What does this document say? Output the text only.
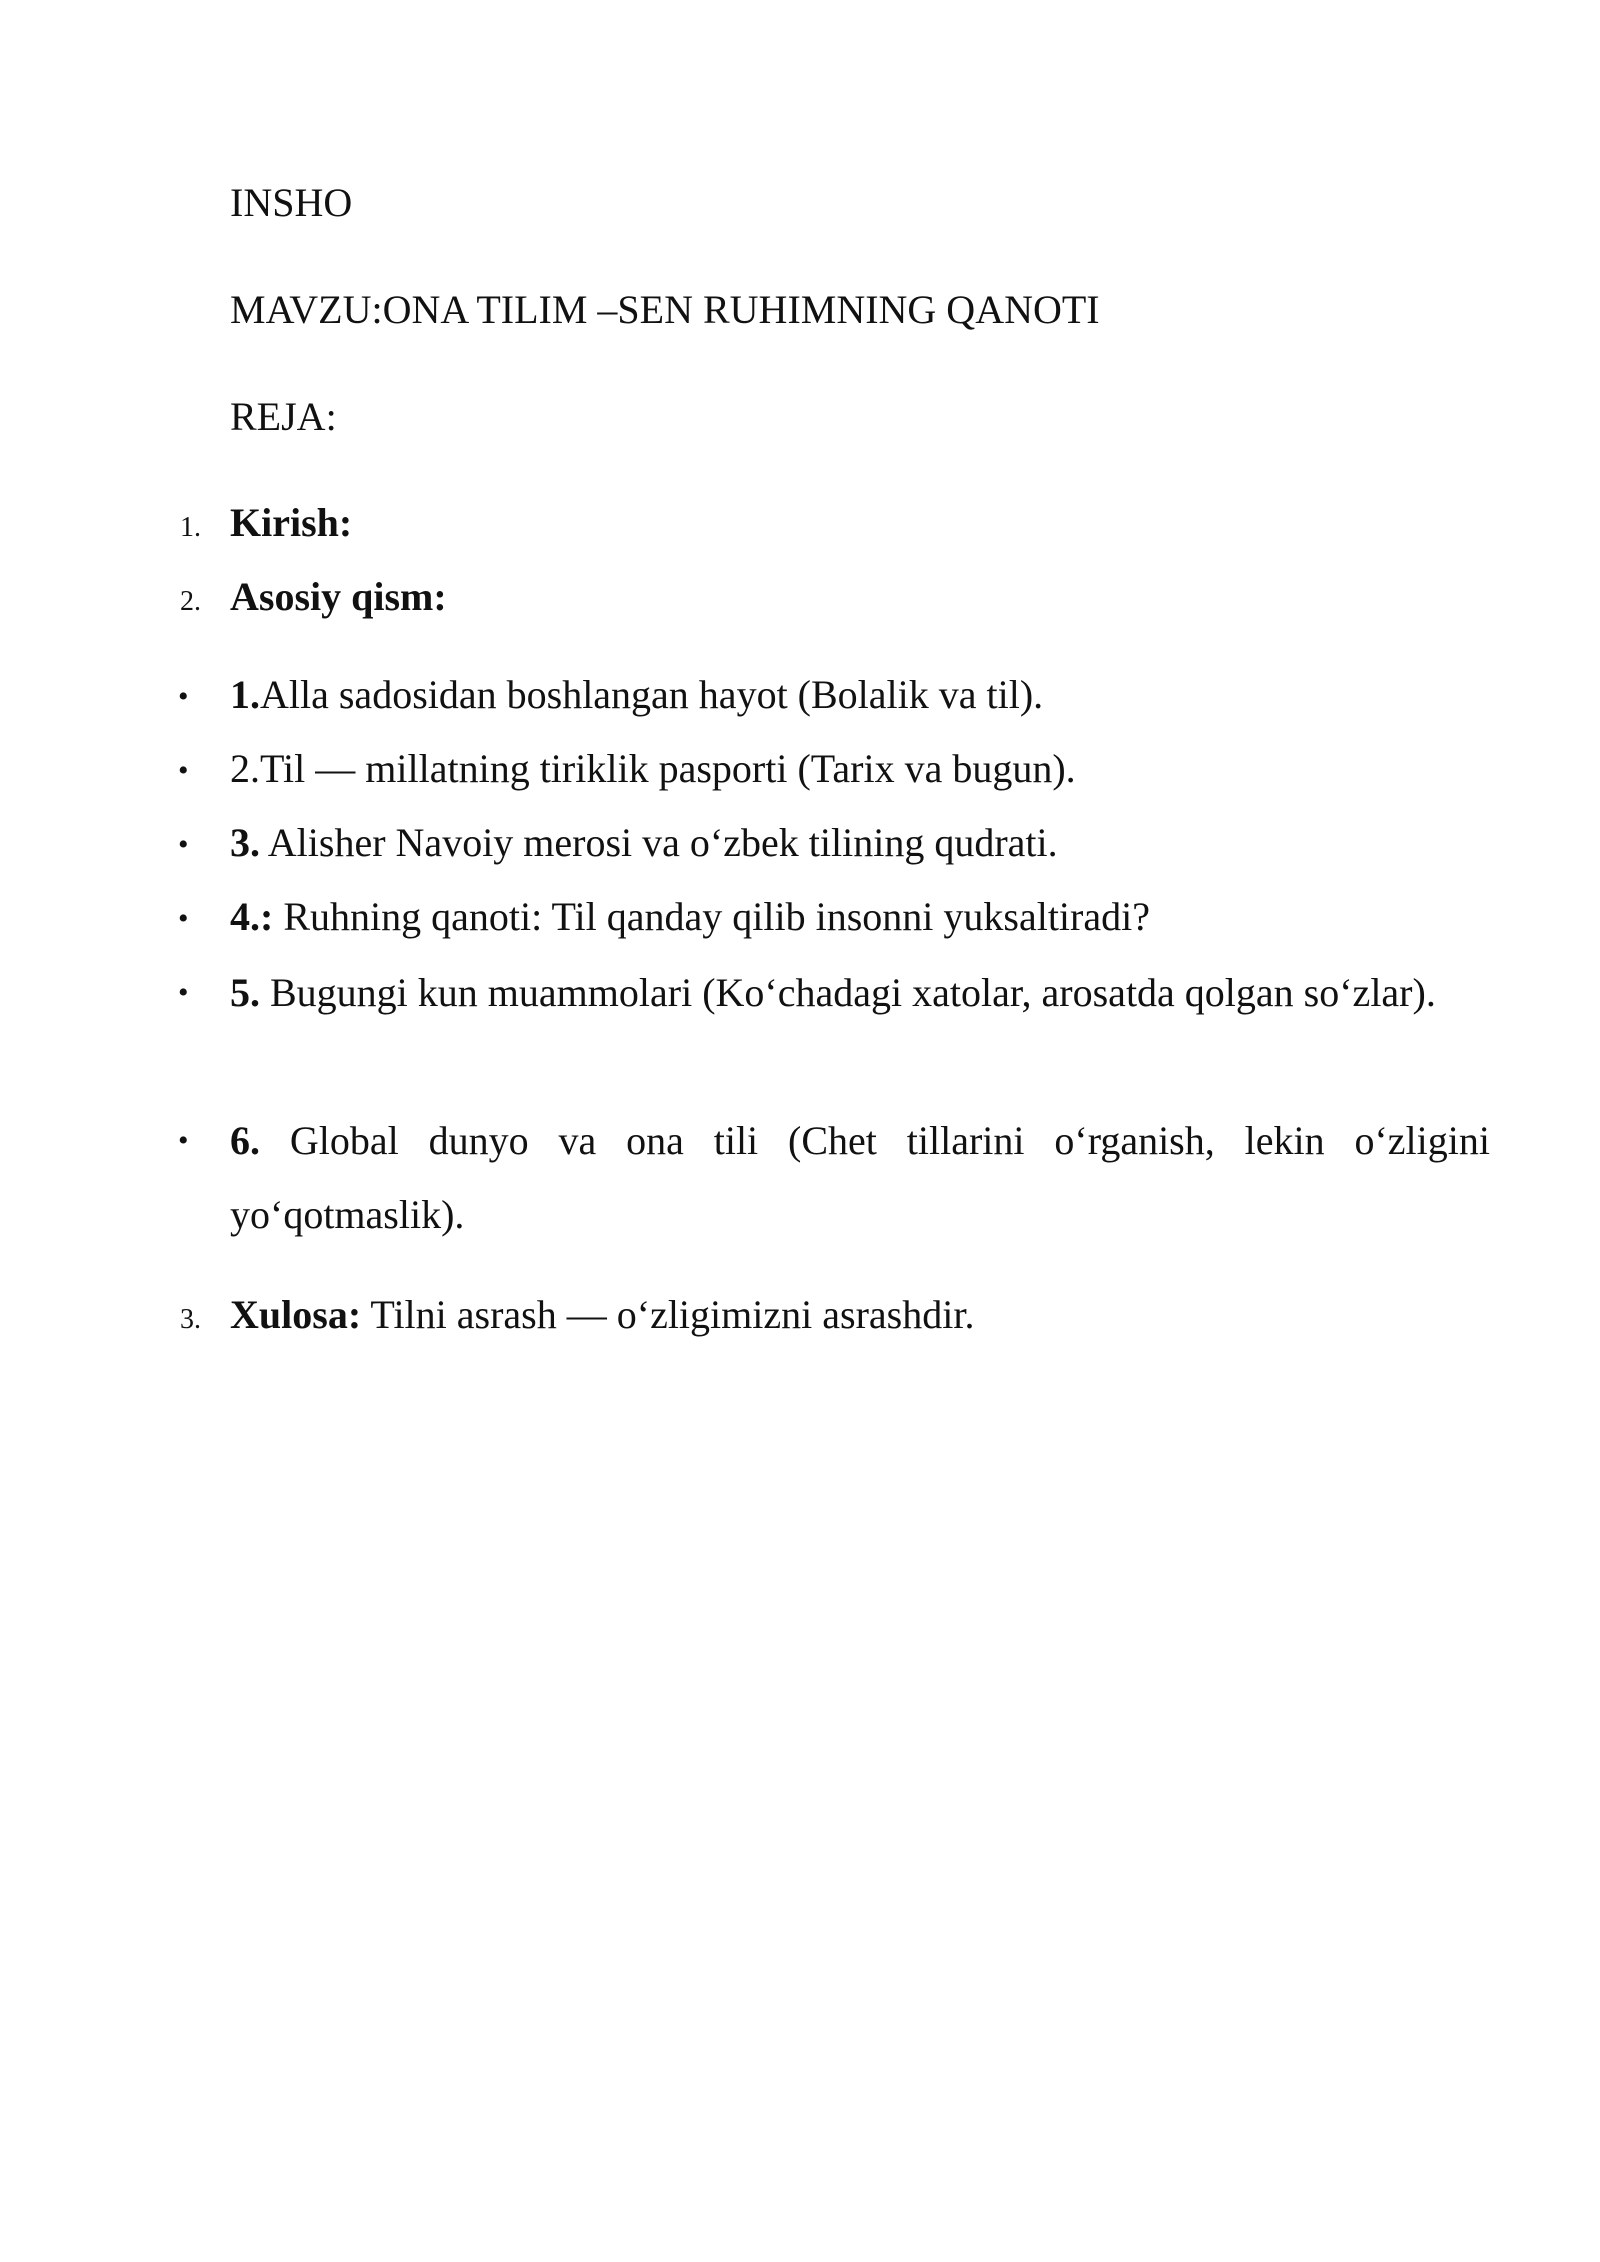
INSHO
MAVZU:ONA TILIM –SEN RUHIMNING QANOTI
REJA:
1. Kirish:
2. Asosiy qism:
• 1.Alla sadosidan boshlangan hayot (Bolalik va til).
• 2.Til — millatning tiriklik pasporti (Tarix va bugun).
• 3. Alisher Navoiy merosi va o‘zbek tilining qudrati.
• 4.: Ruhning qanoti: Til qanday qilib insonni yuksaltiradi?
• 5. Bugungi kun muammolari (Ko‘chadagi xatolar, arosatda qolgan so‘zlar).
• 6. Global dunyo va ona tili (Chet tillarini o‘rganish, lekin o‘zligini yo‘qotmaslik).
3. Xulosa: Tilni asrash — o‘zligimizni asrashdir.
